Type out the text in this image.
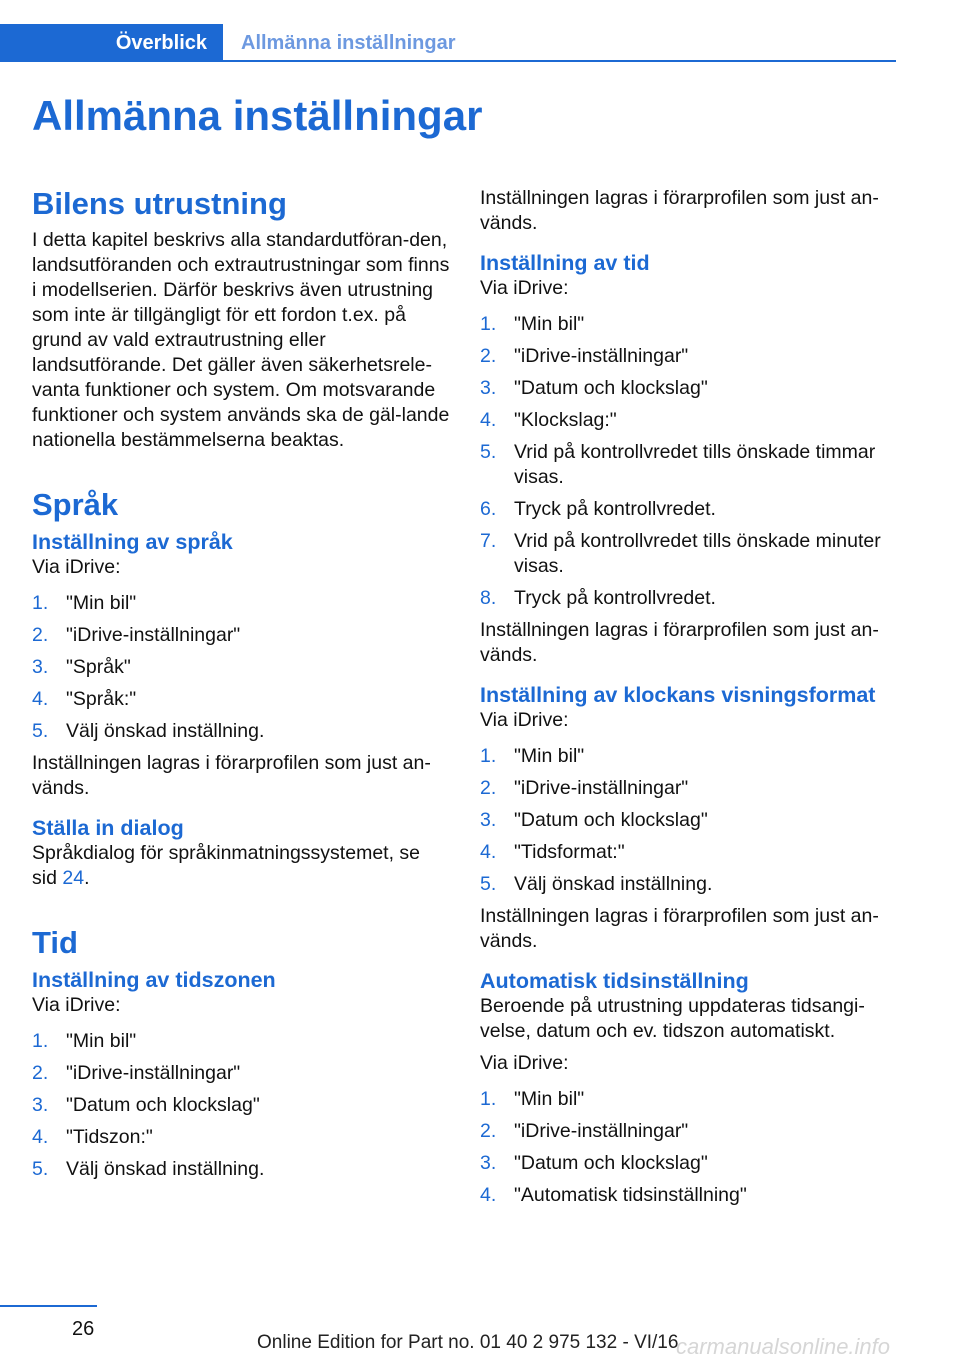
Överblick	Allmänna inställningar
Allmänna inställningar
Bilens utrustning

I detta kapitel beskrivs alla standardutföran-den, landsutföranden och extrautrustningar som finns i modellserien. Därför beskrivs även utrustning som inte är tillgängligt för ett fordon t.ex. på grund av vald extrautrustning eller landsutförande. Det gäller även säkerhetsrele-vanta funktioner och system. Om motsvarande funktioner och system används ska de gäl-lande nationella bestämmelserna beaktas.

Språk
Inställning av språk

Via iDrive:

1. "Min bil"
2. "iDrive-inställningar"
3. "Språk"
4. "Språk:"
5. Välj önskad inställning.

Inställningen lagras i förarprofilen som just an-vänds.

Ställa in dialog

Språkdialog för språkinmatningssystemet, se sid 24.

Tid
Inställning av tidszonen

Via iDrive:

1. "Min bil"
2. "iDrive-inställningar"
3. "Datum och klockslag"
4. "Tidszon:"
5. Välj önskad inställning.

Inställningen lagras i förarprofilen som just an-vänds.

Inställning av tid

Via iDrive:

1. "Min bil"
2. "iDrive-inställningar"
3. "Datum och klockslag"
4. "Klockslag:"
5. Vrid på kontrollvredet tills önskade timmar visas.
6. Tryck på kontrollvredet.
7. Vrid på kontrollvredet tills önskade minuter visas.
8. Tryck på kontrollvredet.

Inställningen lagras i förarprofilen som just an-vänds.

Inställning av klockans visningsformat

Via iDrive:

1. "Min bil"
2. "iDrive-inställningar"
3. "Datum och klockslag"
4. "Tidsformat:"
5. Välj önskad inställning.

Inställningen lagras i förarprofilen som just an-vänds.

Automatisk tidsinställning

Beroende på utrustning uppdateras tidsangi-velse, datum och ev. tidszon automatiskt.

Via iDrive:

1. "Min bil"
2. "iDrive-inställningar"
3. "Datum och klockslag"
4. "Automatisk tidsinställning"
26
Online Edition for Part no. 01 40 2 975 132 - VI/16
carmanualsonline.info
